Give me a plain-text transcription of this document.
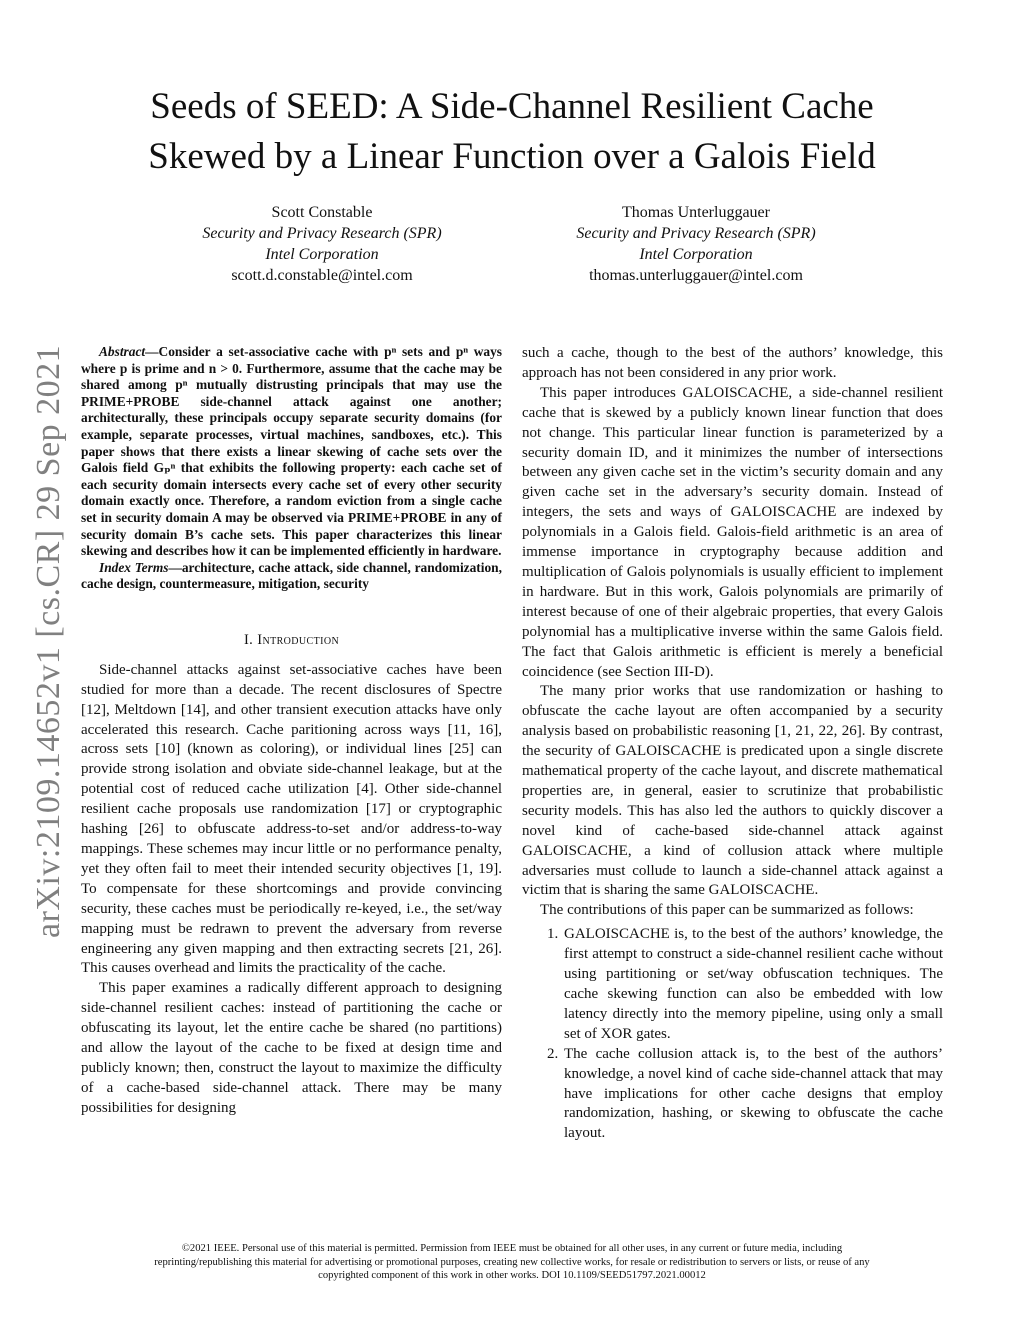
Seeds of SEED: A Side-Channel Resilient Cache
Skewed by a Linear Function over a Galois Field
Scott Constable
Security and Privacy Research (SPR)
Intel Corporation
scott.d.constable@intel.com
Thomas Unterluggauer
Security and Privacy Research (SPR)
Intel Corporation
thomas.unterluggauer@intel.com
arXiv:2109.14652v1 [cs.CR] 29 Sep 2021	Abstract—Consider a set-associative cache with pⁿ sets and pⁿ ways where p is prime and n > 0. Furthermore, assume that the cache may be shared among pⁿ mutually distrusting principals that may use the PRIME+PROBE side-channel attack against one another; architecturally, these principals occupy separate security domains (for example, separate processes, virtual machines, sandboxes, etc.). This paper shows that there exists a linear skewing of cache sets over the Galois field Gₚⁿ that exhibits the following property: each cache set of each security domain intersects every cache set of every other security domain exactly once. Therefore, a random eviction from a single cache set in security domain A may be observed via PRIME+PROBE in any of security domain B’s cache sets. This paper characterizes this linear skewing and describes how it can be implemented efficiently in hardware.

Index Terms—architecture, cache attack, side channel, randomization, cache design, countermeasure, mitigation, security

I. Introduction

Side-channel attacks against set-associative caches have been studied for more than a decade. The recent disclosures of Spectre [12], Meltdown [14], and other transient execution attacks have only accelerated this research. Cache paritioning across ways [11, 16], across sets [10] (known as coloring), or individual lines [25] can provide strong isolation and obviate side-channel leakage, but at the potential cost of reduced cache utilization [4]. Other side-channel resilient cache proposals use randomization [17] or cryptographic hashing [26] to obfuscate address-to-set and/or address-to-way mappings. These schemes may incur little or no performance penalty, yet they often fail to meet their intended security objectives [1, 19]. To compensate for these shortcomings and provide convincing security, these caches must be periodically re-keyed, i.e., the set/way mapping must be redrawn to prevent the adversary from reverse engineering any given mapping and then extracting secrets [21, 26]. This causes overhead and limits the practicality of the cache.

This paper examines a radically different approach to designing side-channel resilient caches: instead of partitioning the cache or obfuscating its layout, let the entire cache be shared (no partitions) and allow the layout of the cache to be fixed at design time and publicly known; then, construct the layout to maximize the difficulty of a cache-based side-channel attack. There may be many possibilities for designing

such a cache, though to the best of the authors’ knowledge, this approach has not been considered in any prior work.

This paper introduces GALOISCACHE, a side-channel resilient cache that is skewed by a publicly known linear function that does not change. This particular linear function is parameterized by a security domain ID, and it minimizes the number of intersections between any given cache set in the victim’s security domain and any given cache set in the adversary’s security domain. Instead of integers, the sets and ways of GALOISCACHE are indexed by polynomials in a Galois field. Galois-field arithmetic is an area of immense importance in cryptography because addition and multiplication of Galois polynomials is usually efficient to implement in hardware. But in this work, Galois polynomials are primarily of interest because of one of their algebraic properties, that every Galois polynomial has a multiplicative inverse within the same Galois field. The fact that Galois arithmetic is efficient is merely a beneficial coincidence (see Section III-D).

The many prior works that use randomization or hashing to obfuscate the cache layout are often accompanied by a security analysis based on probabilistic reasoning [1, 21, 22, 26]. By contrast, the security of GALOISCACHE is predicated upon a single discrete mathematical property of the cache layout, and discrete mathematical properties are, in general, easier to scrutinize that probabilistic security models. This has also led the authors to quickly discover a novel kind of cache-based side-channel attack against GALOISCACHE, a kind of collusion attack where multiple adversaries must collude to launch a side-channel attack against a victim that is sharing the same GALOISCACHE.

The contributions of this paper can be summarized as follows:

1. GALOISCACHE is, to the best of the authors’ knowledge, the first attempt to construct a side-channel resilient cache without using partitioning or set/way obfuscation techniques. The cache skewing function can also be embedded with low latency directly into the memory pipeline, using only a small set of XOR gates.
2. The cache collusion attack is, to the best of the authors’ knowledge, a novel kind of cache side-channel attack that may have implications for other cache designs that employ randomization, hashing, or skewing to obfuscate the cache layout.
©2021 IEEE. Personal use of this material is permitted. Permission from IEEE must be obtained for all other uses, in any current or future media, including reprinting/republishing this material for advertising or promotional purposes, creating new collective works, for resale or redistribution to servers or lists, or reuse of any copyrighted component of this work in other works. DOI 10.1109/SEED51797.2021.00012
